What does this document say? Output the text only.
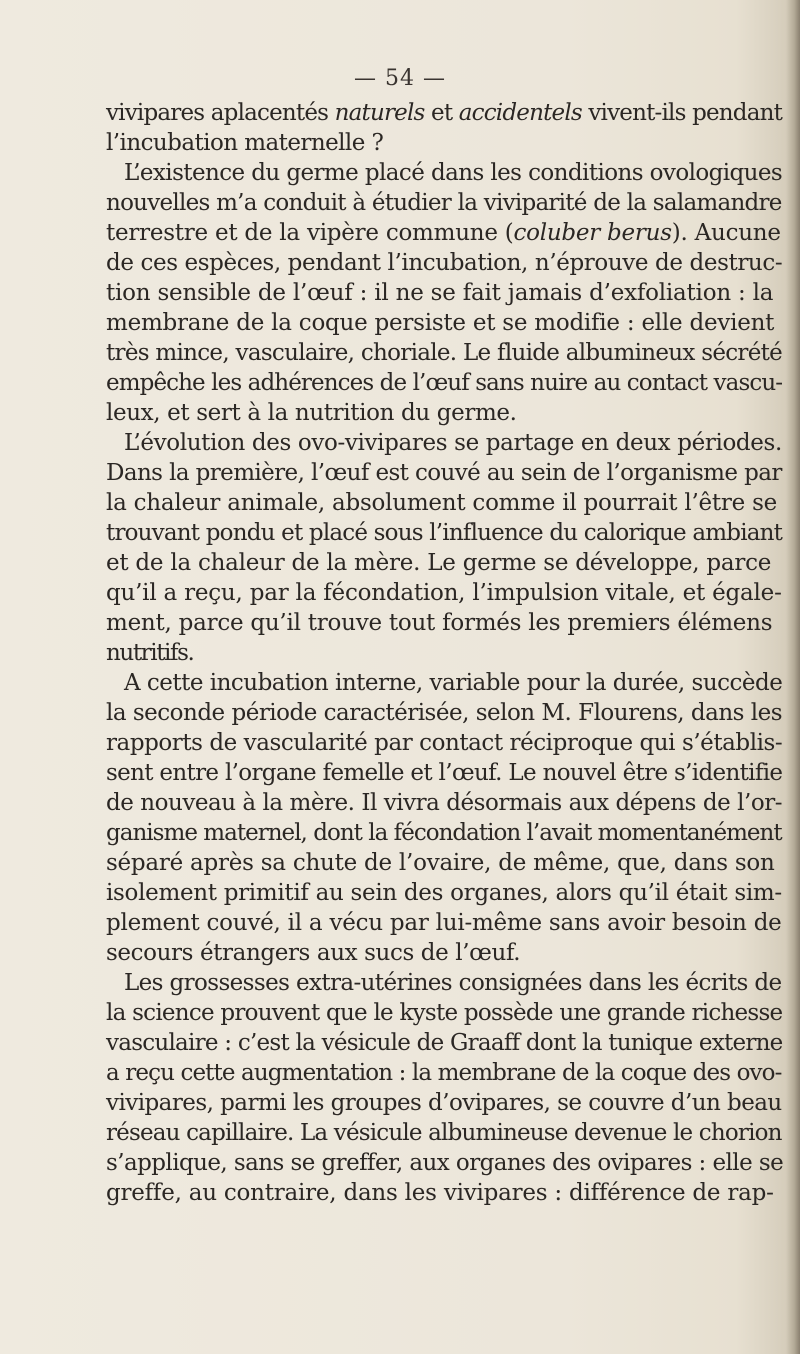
— 54 —
vivipares aplacentés naturels et accidentels vivent-ils pendant
l’incubation maternelle ?
L’existence du germe placé dans les conditions ovologiques
nouvelles m’a conduit à étudier la viviparité de la salamandre
terrestre et de la vipère commune (coluber berus). Aucune
de ces espèces, pendant l’incubation, n’éprouve de destruc-
tion sensible de l’œuf : il ne se fait jamais d’exfoliation : la
membrane de la coque persiste et se modifie : elle devient
très mince, vasculaire, choriale. Le fluide albumineux sécrété
empêche les adhérences de l’œuf sans nuire au contact vascu-
leux, et sert à la nutrition du germe.
L’évolution des ovo-vivipares se partage en deux périodes.
Dans la première, l’œuf est couvé au sein de l’organisme par
la chaleur animale, absolument comme il pourrait l’être se
trouvant pondu et placé sous l’influence du calorique ambiant
et de la chaleur de la mère. Le germe se développe, parce
qu’il a reçu, par la fécondation, l’impulsion vitale, et égale-
ment, parce qu’il trouve tout formés les premiers élémens
nutritifs.
A cette incubation interne, variable pour la durée, succède
la seconde période caractérisée, selon M. Flourens, dans les
rapports de vascularité par contact réciproque qui s’établis-
sent entre l’organe femelle et l’œuf. Le nouvel être s’identifie
de nouveau à la mère. Il vivra désormais aux dépens de l’or-
ganisme maternel, dont la fécondation l’avait momentanément
séparé après sa chute de l’ovaire, de même, que, dans son
isolement primitif au sein des organes, alors qu’il était sim-
plement couvé, il a vécu par lui-même sans avoir besoin de
secours étrangers aux sucs de l’œuf.
Les grossesses extra-utérines consignées dans les écrits de
la science prouvent que le kyste possède une grande richesse
vasculaire : c’est la vésicule de Graaff dont la tunique externe
a reçu cette augmentation : la membrane de la coque des ovo-
vivipares, parmi les groupes d’ovipares, se couvre d’un beau
réseau capillaire. La vésicule albumineuse devenue le chorion
s’applique, sans se greffer, aux organes des ovipares : elle se
greffe, au contraire, dans les vivipares : différence de rap-
